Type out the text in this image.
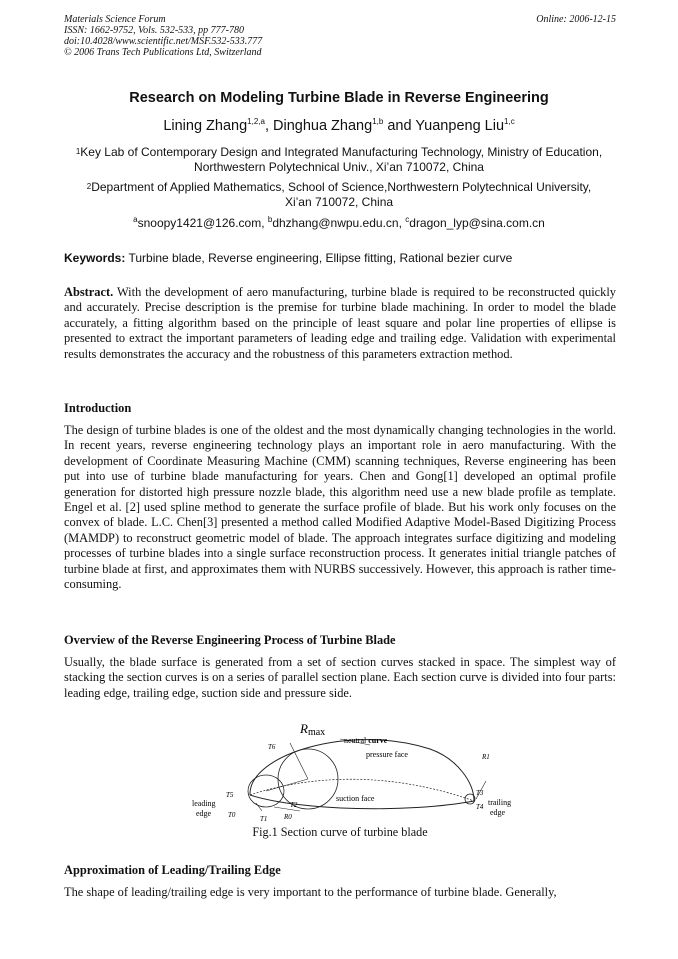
Materials Science Forum
ISSN: 1662-9752, Vols. 532-533, pp 777-780
doi:10.4028/www.scientific.net/MSF.532-533.777
© 2006 Trans Tech Publications Ltd, Switzerland
Online: 2006-12-15
Research on Modeling Turbine Blade in Reverse Engineering
Lining Zhang$^{1,2,a}$, Dinghua Zhang$^{1,b}$ and Yuanpeng Liu$^{1,c}$
$^1$Key Lab of Contemporary Design and Integrated Manufacturing Technology, Ministry of Education,
Northwestern Polytechnical Univ., Xi’an 710072, China
$^2$Department of Applied Mathematics, School of Science,Northwestern Polytechnical University,
Xi’an 710072, China
$^a$snoopy1421@126.com, $^b$dhzhang@nwpu.edu.cn, $^c$dragon_lyp@sina.com.cn
Keywords: Turbine blade, Reverse engineering, Ellipse fitting, Rational bezier curve
Abstract. With the development of aero manufacturing, turbine blade is required to be reconstructed quickly and accurately. Precise description is the premise for turbine blade machining. In order to model the blade accurately, a fitting algorithm based on the principle of least square and polar line properties of ellipse is presented to extract the important parameters of leading edge and trailing edge. Validation with experimental results demonstrates the accuracy and the robustness of this parameters extraction method.
Introduction
The design of turbine blades is one of the oldest and the most dynamically changing technologies in the world. In recent years, reverse engineering technology plays an important role in aero manufacturing. With the development of Coordinate Measuring Machine (CMM) scanning techniques, Reverse engineering has been put into use of turbine blade manufacturing for years. Chen and Gong[1] developed an optimal profile generation for distorted high pressure nozzle blade, this algorithm need use a new blade profile as template. Engel et al. [2] used spline method to generate the surface profile of blade. But his work only focuses on the convex of blade. L.C. Chen[3] presented a method called Modified Adaptive Model-Based Digitizing Process (MAMDP) to reconstruct geometric model of blade. The approach integrates surface digitizing and modeling processes of turbine blades into a single surface reconstruction process. It generates initial triangle patches of turbine blade at first, and approximates them with NURBS successively. However, this approach is rather time-consuming.
Overview of the Reverse Engineering Process of Turbine Blade
Usually, the blade surface is generated from a set of section curves stacked in space. The simplest way of stacking the section curves is on a series of parallel section plane. Each section curve is divided into four parts: leading edge, trailing edge, suction side and pressure side.
Rmax
neutral curve
pressure face
suction face
leading
edge
trailing
edge
T6
T5
T0
T2
T1 R0
R1
T3
T4
Fig.1 Section curve of turbine blade
Approximation of Leading/Trailing Edge
The shape of leading/trailing edge is very important to the performance of turbine blade. Generally,
